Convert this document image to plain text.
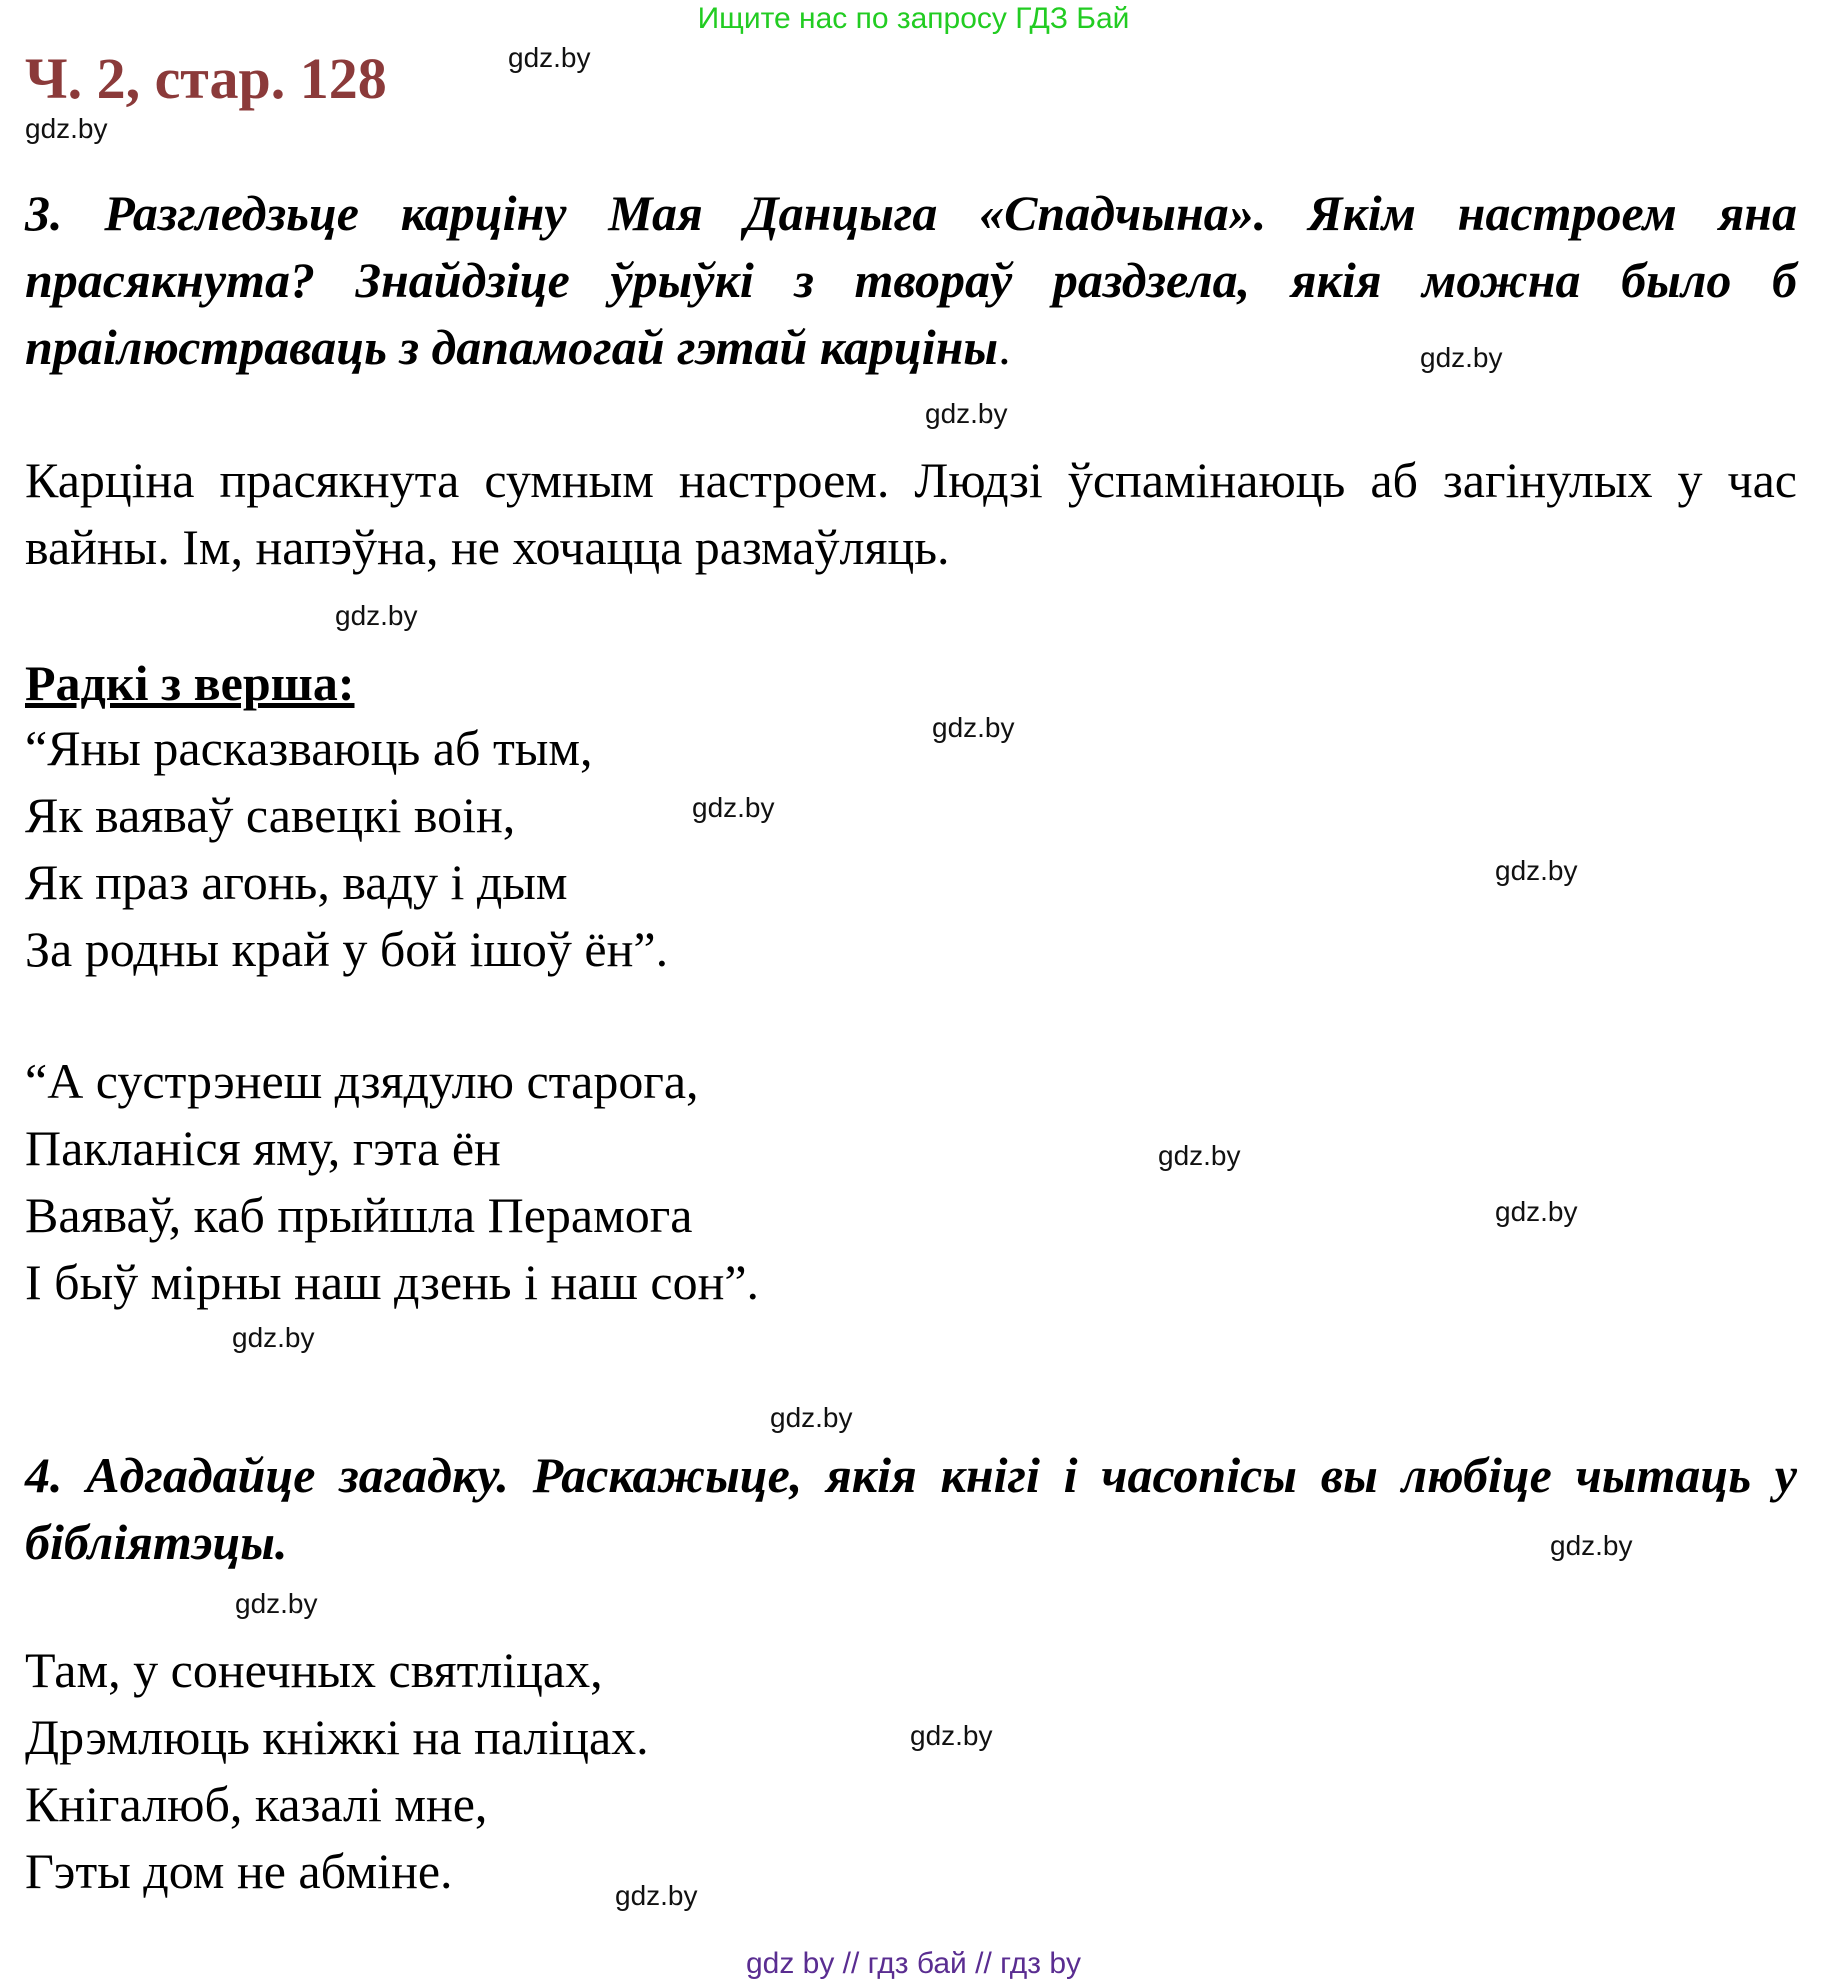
Ищите нас по запросу ГДЗ Бай
Ч. 2, стар. 128	gdz.by
gdz.by
gdz.by
gdz.by
gdz.by
gdz.by
gdz.by
gdz.by
gdz.by
gdz.by
gdz.by
gdz.by
gdz.by
gdz.by
gdz.by
gdz.by
3. Разгледзьце карціну Мая Данцыга «Спадчына». Якім настроем яна прасякнута? Знайдзіце ўрыўкі з твораў раздзела, якія можна было б праілюстраваць з дапамогай гэтай карціны.
Карціна прасякнута сумным настроем. Людзі ўспамінаюць аб загінулых у час вайны. Ім, напэўна, не хочацца размаўляць.
Радкі з верша:
“Яны расказваюць аб тым,
Як ваяваў савецкі воін,
Як праз агонь, ваду і дым
За родны край у бой ішоў ён”.
“А сустрэнеш дзядулю старога,
Пакланіся яму, гэта ён
Ваяваў, каб прыйшла Перамога
І быў мірны наш дзень і наш сон”.
4. Адгадайце загадку. Раскажыце, якія кнігі і часопісы вы любіце чытаць у бібліятэцы.
Там, у сонечных святліцах,
Дрэмлюць кніжкі на паліцах.
Кнігалюб, казалі мне,
Гэты дом не абміне.
gdz by // гдз бай // гдз by
